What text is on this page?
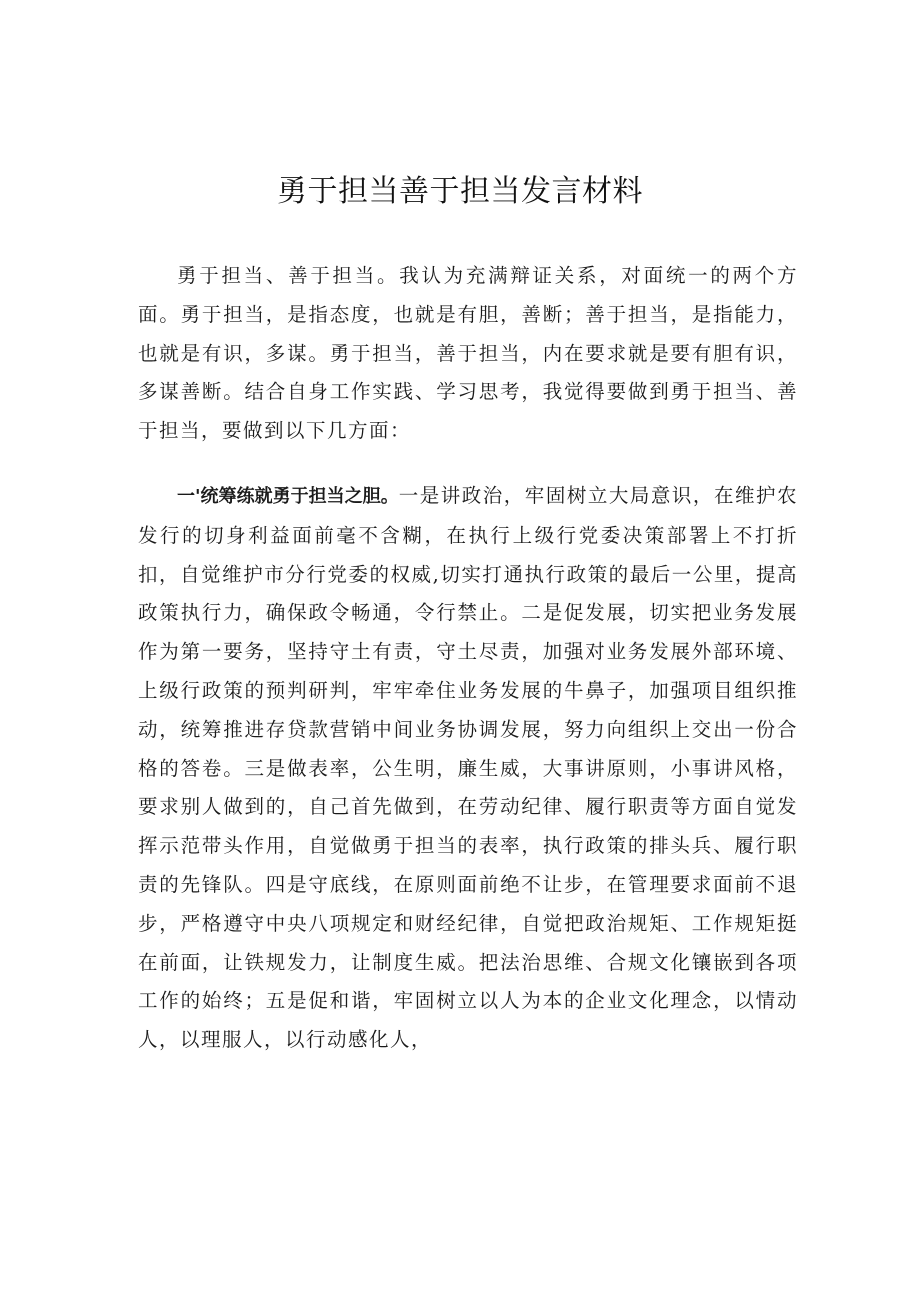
勇于担当善于担当发言材料

勇于担当、善于担当。我认为充满辩证关系，对面统一的两个方面。勇于担当，是指态度，也就是有胆，善断；善于担当，是指能力，也就是有识，多谋。勇于担当，善于担当，内在要求就是要有胆有识，多谋善断。结合自身工作实践、学习思考，我觉得要做到勇于担当、善于担当，要做到以下几方面：

一'统筹练就勇于担当之胆。一是讲政治，牢固树立大局意识，在维护农发行的切身利益面前毫不含糊，在执行上级行党委决策部署上不打折扣，自觉维护市分行党委的权威,切实打通执行政策的最后一公里，提高政策执行力，确保政令畅通，令行禁止。二是促发展，切实把业务发展作为第一要务，坚持守土有责，守土尽责，加强对业务发展外部环境、上级行政策的预判研判，牢牢牵住业务发展的牛鼻子，加强项目组织推动，统筹推进存贷款营销中间业务协调发展，努力向组织上交出一份合格的答卷。三是做表率，公生明，廉生威，大事讲原则，小事讲风格，要求别人做到的，自己首先做到，在劳动纪律、履行职责等方面自觉发挥示范带头作用，自觉做勇于担当的表率，执行政策的排头兵、履行职责的先锋队。四是守底线，在原则面前绝不让步，在管理要求面前不退步，严格遵守中央八项规定和财经纪律，自觉把政治规矩、工作规矩挺在前面，让铁规发力，让制度生威。把法治思维、合规文化镶嵌到各项工作的始终；五是促和谐，牢固树立以人为本的企业文化理念，以情动人，以理服人，以行动感化人，
